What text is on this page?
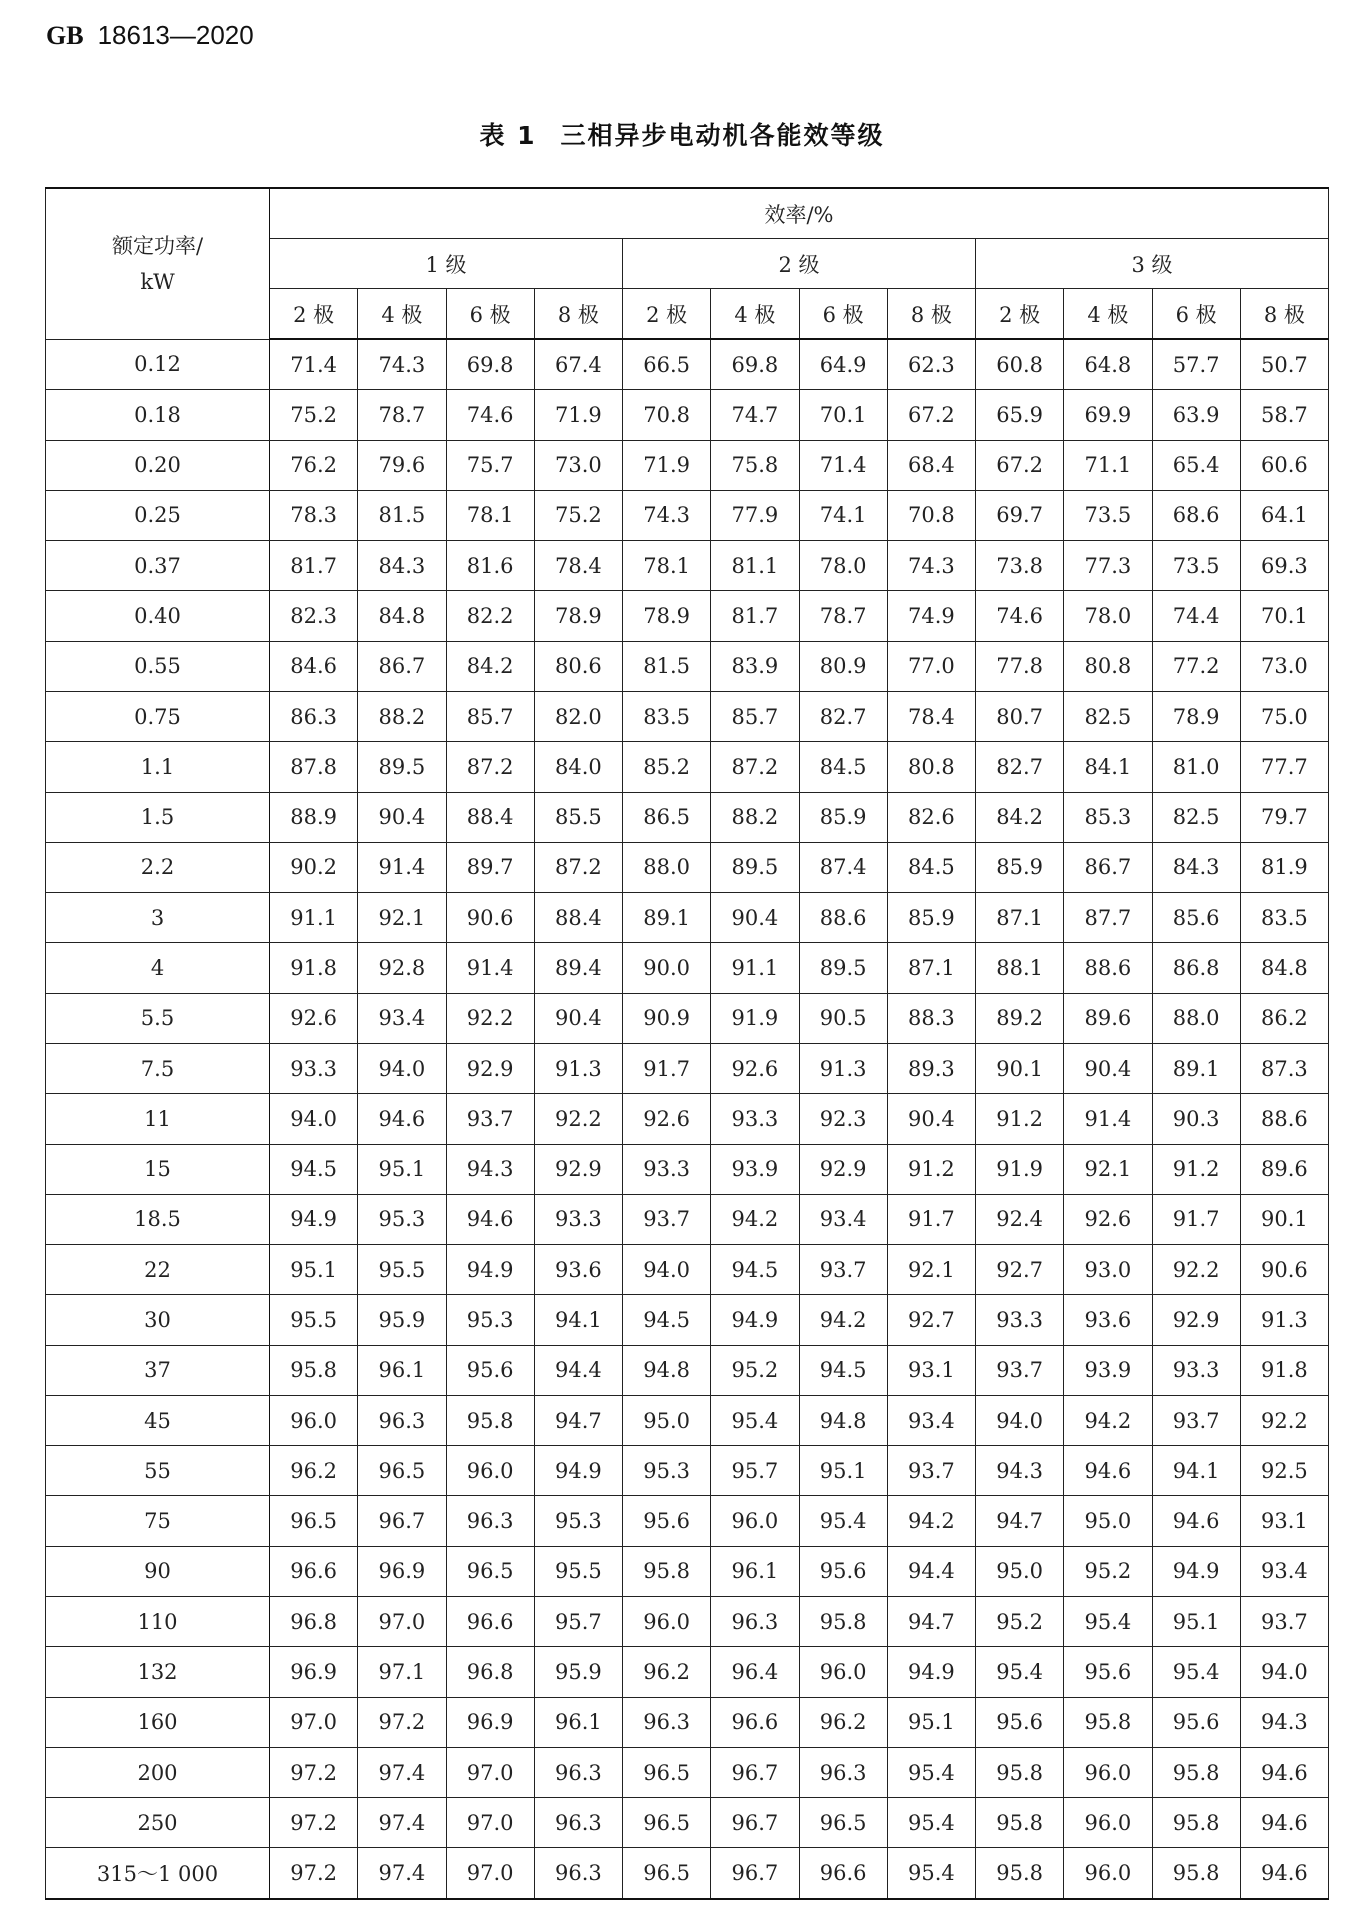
GB 18613—2020
表 1 三相异步电动机各能效等级
额定功率/
kW	效率/%											
	1 级				2 级				3 级			
	2 极	4 极	6 极	8 极	2 极	4 极	6 极	8 极	2 极	4 极	6 极	8 极
0.12	71.4	74.3	69.8	67.4	66.5	69.8	64.9	62.3	60.8	64.8	57.7	50.7
0.18	75.2	78.7	74.6	71.9	70.8	74.7	70.1	67.2	65.9	69.9	63.9	58.7
0.20	76.2	79.6	75.7	73.0	71.9	75.8	71.4	68.4	67.2	71.1	65.4	60.6
0.25	78.3	81.5	78.1	75.2	74.3	77.9	74.1	70.8	69.7	73.5	68.6	64.1
0.37	81.7	84.3	81.6	78.4	78.1	81.1	78.0	74.3	73.8	77.3	73.5	69.3
0.40	82.3	84.8	82.2	78.9	78.9	81.7	78.7	74.9	74.6	78.0	74.4	70.1
0.55	84.6	86.7	84.2	80.6	81.5	83.9	80.9	77.0	77.8	80.8	77.2	73.0
0.75	86.3	88.2	85.7	82.0	83.5	85.7	82.7	78.4	80.7	82.5	78.9	75.0
1.1	87.8	89.5	87.2	84.0	85.2	87.2	84.5	80.8	82.7	84.1	81.0	77.7
1.5	88.9	90.4	88.4	85.5	86.5	88.2	85.9	82.6	84.2	85.3	82.5	79.7
2.2	90.2	91.4	89.7	87.2	88.0	89.5	87.4	84.5	85.9	86.7	84.3	81.9
3	91.1	92.1	90.6	88.4	89.1	90.4	88.6	85.9	87.1	87.7	85.6	83.5
4	91.8	92.8	91.4	89.4	90.0	91.1	89.5	87.1	88.1	88.6	86.8	84.8
5.5	92.6	93.4	92.2	90.4	90.9	91.9	90.5	88.3	89.2	89.6	88.0	86.2
7.5	93.3	94.0	92.9	91.3	91.7	92.6	91.3	89.3	90.1	90.4	89.1	87.3
11	94.0	94.6	93.7	92.2	92.6	93.3	92.3	90.4	91.2	91.4	90.3	88.6
15	94.5	95.1	94.3	92.9	93.3	93.9	92.9	91.2	91.9	92.1	91.2	89.6
18.5	94.9	95.3	94.6	93.3	93.7	94.2	93.4	91.7	92.4	92.6	91.7	90.1
22	95.1	95.5	94.9	93.6	94.0	94.5	93.7	92.1	92.7	93.0	92.2	90.6
30	95.5	95.9	95.3	94.1	94.5	94.9	94.2	92.7	93.3	93.6	92.9	91.3
37	95.8	96.1	95.6	94.4	94.8	95.2	94.5	93.1	93.7	93.9	93.3	91.8
45	96.0	96.3	95.8	94.7	95.0	95.4	94.8	93.4	94.0	94.2	93.7	92.2
55	96.2	96.5	96.0	94.9	95.3	95.7	95.1	93.7	94.3	94.6	94.1	92.5
75	96.5	96.7	96.3	95.3	95.6	96.0	95.4	94.2	94.7	95.0	94.6	93.1
90	96.6	96.9	96.5	95.5	95.8	96.1	95.6	94.4	95.0	95.2	94.9	93.4
110	96.8	97.0	96.6	95.7	96.0	96.3	95.8	94.7	95.2	95.4	95.1	93.7
132	96.9	97.1	96.8	95.9	96.2	96.4	96.0	94.9	95.4	95.6	95.4	94.0
160	97.0	97.2	96.9	96.1	96.3	96.6	96.2	95.1	95.6	95.8	95.6	94.3
200	97.2	97.4	97.0	96.3	96.5	96.7	96.3	95.4	95.8	96.0	95.8	94.6
250	97.2	97.4	97.0	96.3	96.5	96.7	96.5	95.4	95.8	96.0	95.8	94.6
315～1 000	97.2	97.4	97.0	96.3	96.5	96.7	96.6	95.4	95.8	96.0	95.8	94.6
